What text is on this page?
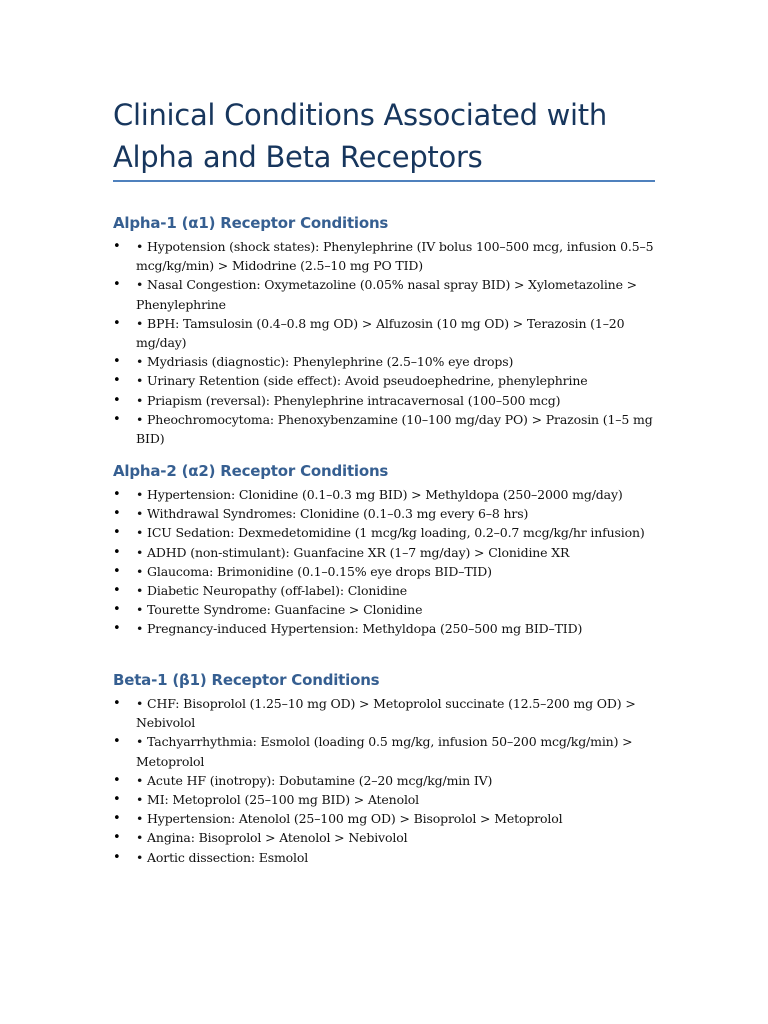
Clinical Conditions Associated with Alpha and Beta Receptors
Alpha-1 (α1) Receptor Conditions
• • Hypotension (shock states): Phenylephrine (IV bolus 100–500 mcg, infusion 0.5–5 mcg/kg/min) > Midodrine (2.5–10 mg PO TID)
• • Nasal Congestion: Oxymetazoline (0.05% nasal spray BID) > Xylometazoline > Phenylephrine
• • BPH: Tamsulosin (0.4–0.8 mg OD) > Alfuzosin (10 mg OD) > Terazosin (1–20 mg/day)
• • Mydriasis (diagnostic): Phenylephrine (2.5–10% eye drops)
• • Urinary Retention (side effect): Avoid pseudoephedrine, phenylephrine
• • Priapism (reversal): Phenylephrine intracavernosal (100–500 mcg)
• • Pheochromocytoma: Phenoxybenzamine (10–100 mg/day PO) > Prazosin (1–5 mg BID)
Alpha-2 (α2) Receptor Conditions
• • Hypertension: Clonidine (0.1–0.3 mg BID) > Methyldopa (250–2000 mg/day)
• • Withdrawal Syndromes: Clonidine (0.1–0.3 mg every 6–8 hrs)
• • ICU Sedation: Dexmedetomidine (1 mcg/kg loading, 0.2–0.7 mcg/kg/hr infusion)
• • ADHD (non-stimulant): Guanfacine XR (1–7 mg/day) > Clonidine XR
• • Glaucoma: Brimonidine (0.1–0.15% eye drops BID–TID)
• • Diabetic Neuropathy (off-label): Clonidine
• • Tourette Syndrome: Guanfacine > Clonidine
• • Pregnancy-induced Hypertension: Methyldopa (250–500 mg BID–TID)
Beta-1 (β1) Receptor Conditions
• • CHF: Bisoprolol (1.25–10 mg OD) > Metoprolol succinate (12.5–200 mg OD) > Nebivolol
• • Tachyarrhythmia: Esmolol (loading 0.5 mg/kg, infusion 50–200 mcg/kg/min) > Metoprolol
• • Acute HF (inotropy): Dobutamine (2–20 mcg/kg/min IV)
• • MI: Metoprolol (25–100 mg BID) > Atenolol
• • Hypertension: Atenolol (25–100 mg OD) > Bisoprolol > Metoprolol
• • Angina: Bisoprolol > Atenolol > Nebivolol
• • Aortic dissection: Esmolol
